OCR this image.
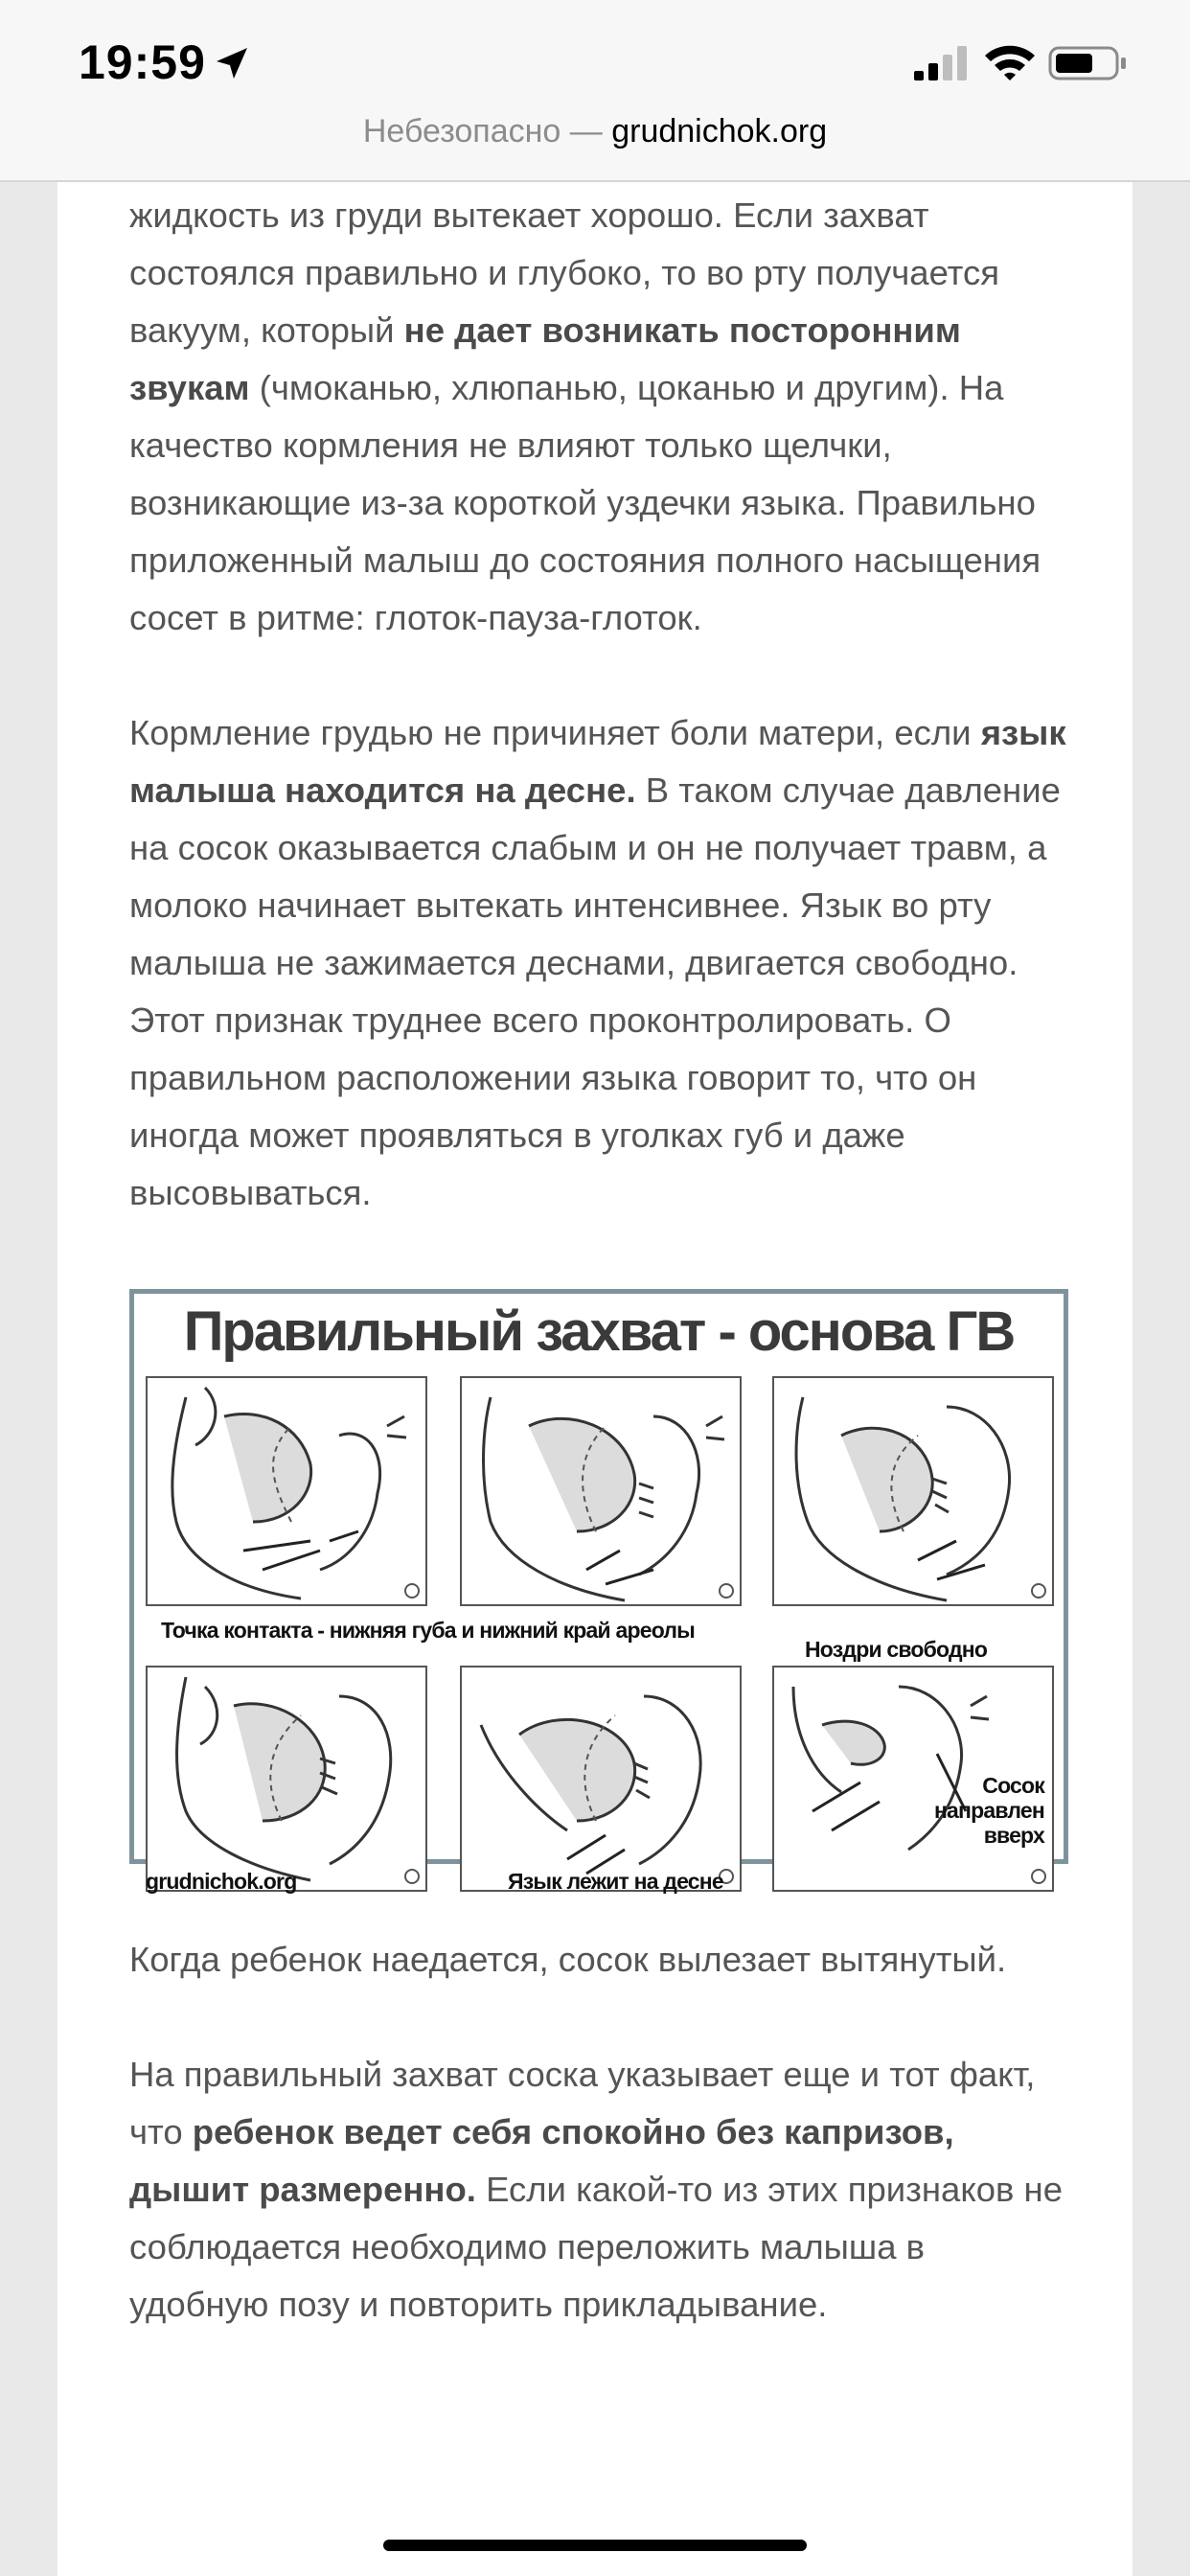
жидкость из груди вытекает хорошо. Если захват состоялся правильно и глубоко, то во рту получается вакуум, который не дает возникать посторонним звукам (чмоканью, хлюпанью, цоканью и другим). На качество кормления не влияют только щелчки, возникающие из-за короткой уздечки языка. Правильно приложенный малыш до состояния полного насыщения сосет в ритме: глоток-пауза-глоток.

Кормление грудью не причиняет боли матери, если язык малыша находится на десне. В таком случае давление на сосок оказывается слабым и он не получает травм, а молоко начинает вытекать интенсивнее. Язык во рту малыша не зажимается деснами, двигается свободно. Этот признак труднее всего проконтролировать. О правильном расположении языка говорит то, что он иногда может проявляться в уголках губ и даже высовываться.

Правильный захват - основа ГВ
Точка контакта - нижняя губа и нижний край ареолы
Ноздри свободно
grudnichok.org	Язык лежит на десне
Сосок
направлен
вверх

Когда ребенок наедается, сосок вылезает вытянутый.

На правильный захват соска указывает еще и тот факт, что ребенок ведет себя спокойно без капризов, дышит размеренно. Если какой-то из этих признаков не соблюдается необходимо переложить малыша в удобную позу и повторить прикладывание.

19:59
Небезопасно — grudnichok.org
